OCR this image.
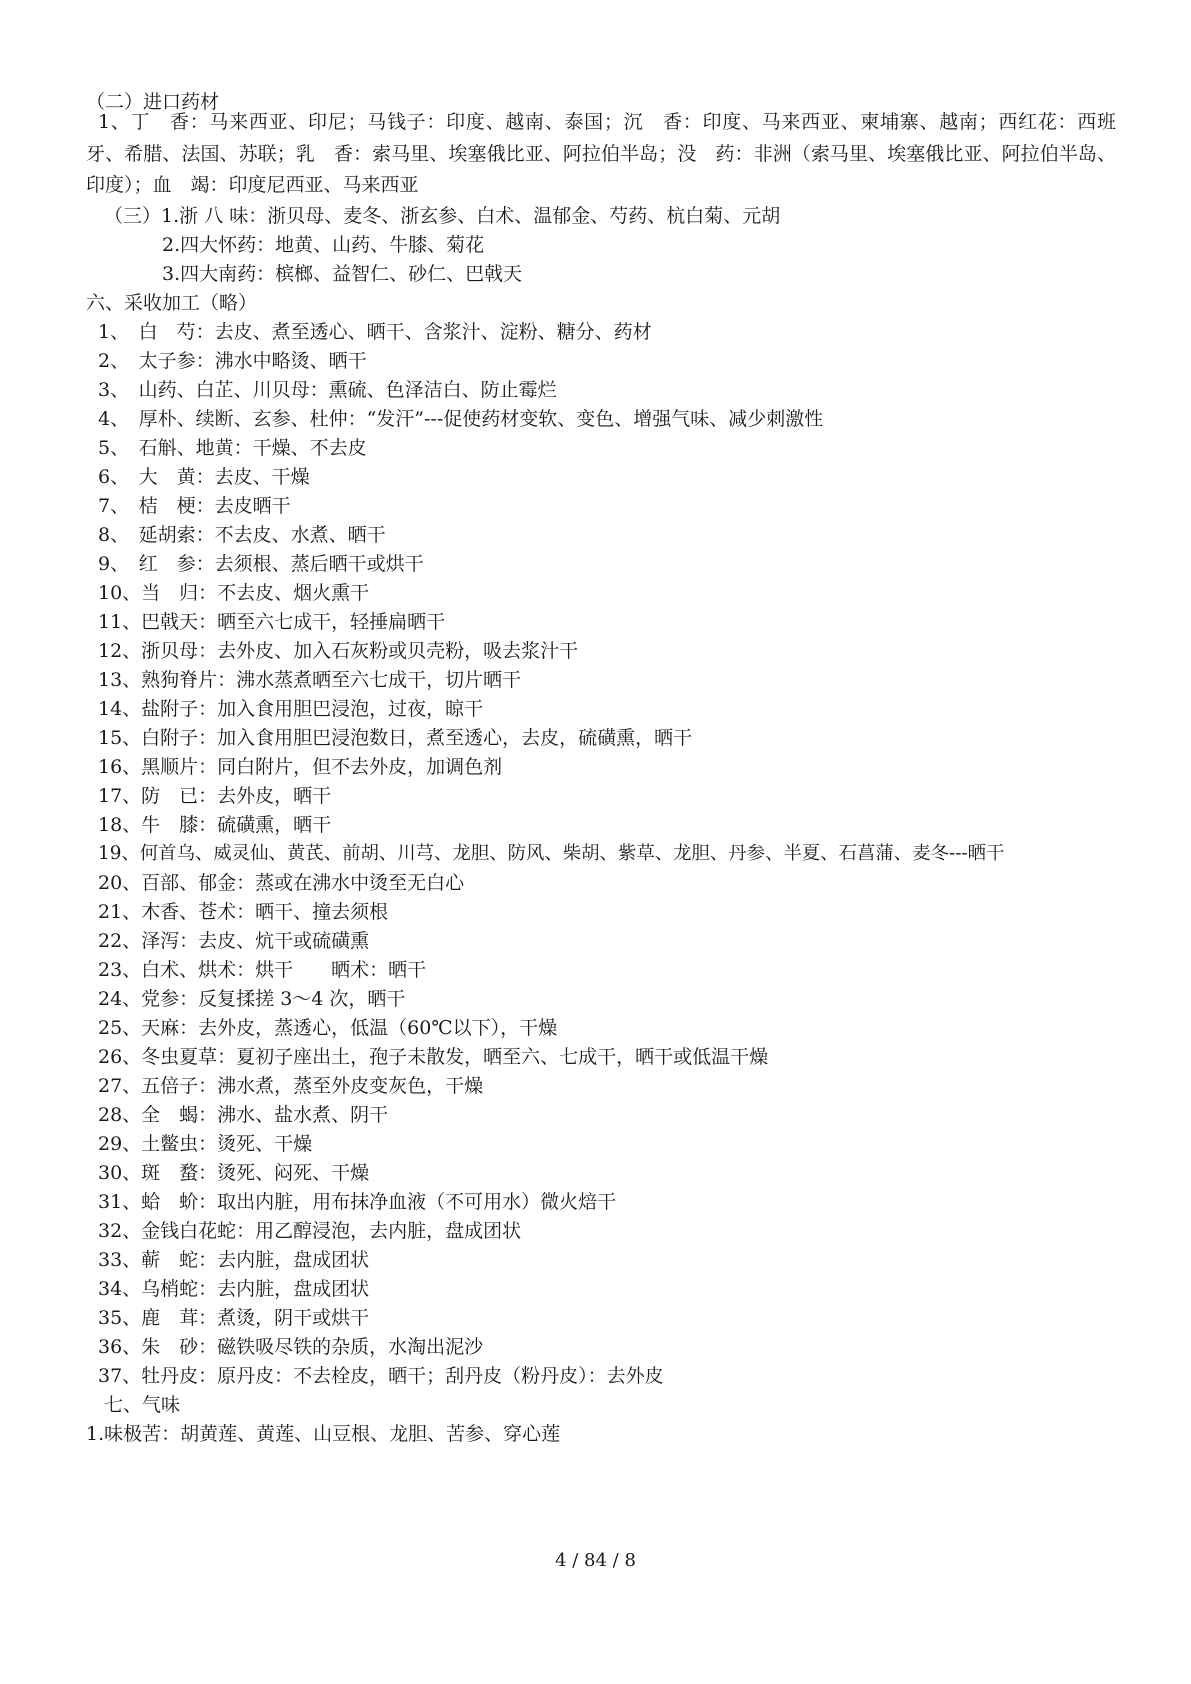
（二）进口药材
1、丁　香：马来西亚、印尼；马钱子：印度、越南、泰国；沉　香：印度、马来西亚、柬埔寨、越南；西红花：西班牙、希腊、法国、苏联；乳　香：索马里、埃塞俄比亚、阿拉伯半岛；没　药：非洲（索马里、埃塞俄比亚、阿拉伯半岛、印度）；血　竭：印度尼西亚、马来西亚
（三）1.浙 八 味：浙贝母、麦冬、浙玄参、白术、温郁金、芍药、杭白菊、元胡
2.四大怀药：地黄、山药、牛膝、菊花
3.四大南药：槟榔、益智仁、砂仁、巴戟天
六、采收加工（略）
1、　白　芍：去皮、煮至透心、晒干、含浆汁、淀粉、糖分、药材
2、　太子参：沸水中略烫、晒干
3、　山药、白芷、川贝母：熏硫、色泽洁白、防止霉烂
4、　厚朴、续断、玄参、杜仲：“发汗”---促使药材变软、变色、增强气味、减少刺激性
5、　石斛、地黄：干燥、不去皮
6、　大　黄：去皮、干燥
7、　桔　梗：去皮晒干
8、　延胡索：不去皮、水煮、晒干
9、　红　参：去须根、蒸后晒干或烘干
10、当　归：不去皮、烟火熏干
11、巴戟天：晒至六七成干，轻捶扁晒干
12、浙贝母：去外皮、加入石灰粉或贝壳粉，吸去浆汁干
13、熟狗脊片：沸水蒸煮晒至六七成干，切片晒干
14、盐附子：加入食用胆巴浸泡，过夜，晾干
15、白附子：加入食用胆巴浸泡数日，煮至透心，去皮，硫磺熏，晒干
16、黑顺片：同白附片，但不去外皮，加调色剂
17、防　已：去外皮，晒干
18、牛　膝：硫磺熏，晒干
19、何首乌、威灵仙、黄芪、前胡、川芎、龙胆、防风、柴胡、紫草、龙胆、丹参、半夏、石菖蒲、麦冬---晒干
20、百部、郁金：蒸或在沸水中烫至无白心
21、木香、苍术：晒干、撞去须根
22、泽泻：去皮、炕干或硫磺熏
23、白术、烘术：烘干　　晒术：晒干
24、党参：反复揉搓 3～4 次，晒干
25、天麻：去外皮，蒸透心，低温（60℃以下），干燥
26、冬虫夏草：夏初子座出土，孢子未散发，晒至六、七成干，晒干或低温干燥
27、五倍子：沸水煮，蒸至外皮变灰色，干燥
28、全　蝎：沸水、盐水煮、阴干
29、土鳖虫：烫死、干燥
30、斑　蝥：烫死、闷死、干燥
31、蛤　蚧：取出内脏，用布抹净血液（不可用水）微火焙干
32、金钱白花蛇：用乙醇浸泡，去内脏，盘成团状
33、蕲　蛇：去内脏，盘成团状
34、乌梢蛇：去内脏，盘成团状
35、鹿　茸：煮烫，阴干或烘干
36、朱　砂：磁铁吸尽铁的杂质，水淘出泥沙
37、牡丹皮：原丹皮：不去栓皮，晒干；刮丹皮（粉丹皮）：去外皮
七、气味
1.味极苦：胡黄莲、黄莲、山豆根、龙胆、苦参、穿心莲
4 / 84 / 8
